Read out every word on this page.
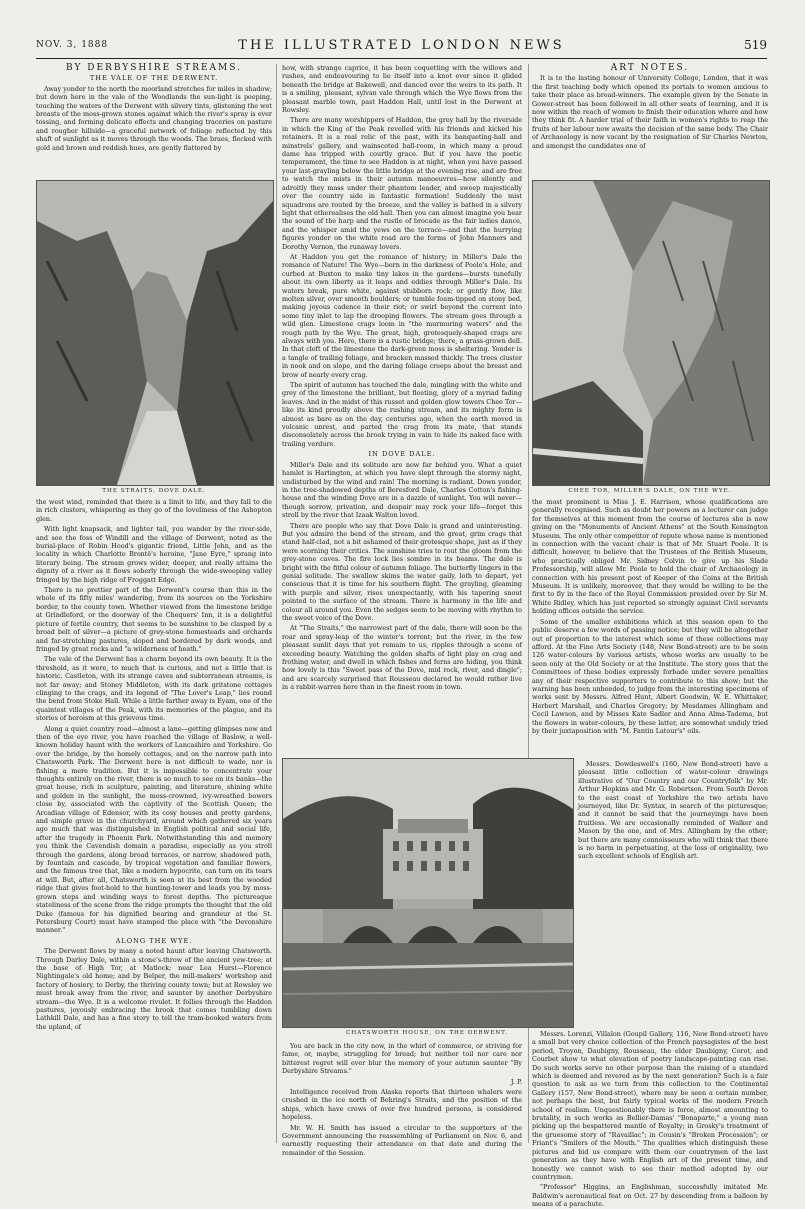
NOV. 3, 1888	THE ILLUSTRATED LONDON NEWS	519

BY DERBYSHIRE STREAMS.

THE VALE OF THE DERWENT.

Away yonder to the north the moorland stretches for miles in shadow; but down here in the vale of the Woodlands the sun-light is peeping, touching the waters of the Derwent with silvery tints, glistening the wet breasts of the moss-grown stones against which the river's spray is ever tossing, and forming delicate effects and changing traceries on pasture and rougher hillside—a graceful network of foliage reflected by this shaft of sunlight as it moves through the woods. The braes, flecked with gold and brown and reddish hues, are gently flattered by

THE STRAITS, DOVE DALE.

the west wind, reminded that there is a limit to life, and they fall to die in rich clusters, whispering as they go of the loveliness of the Ashopton glen.

With light knapsack, and lighter tail, you wander by the river-side, and see the foss of Windill and the village of Derwent, noted as the burial-place of Robin Hood's gigantic friend, Little John, and as the locality in which Charlotte Brontë's heroine, "Jane Eyre," sprang into literary being. The stream grows wider, deeper, and really attains the dignity of a river as it flows soberly through the wide-sweeping valley fringed by the high ridge of Froggatt Edge.

There is no prettier part of the Derwent's course than this in the whole of its fifty miles' wandering, from its sources on the Yorkshire border, to the county town. Whether viewed from the limestone bridge at Grindleford, or the doorway of the Chequers' Inn, it is a delightful picture of fertile country, that seems to be sunshine to be clasped by a broad belt of silver—a picture of grey-stone homesteads and orchards and far-stretching pastures, sloped and bordered by dark woods, and fringed by great rocks and "a wilderness of heath."

The vale of the Derwent has a charm beyond its own beauty. It is the threshold, as it were, to much that is curious, and not a little that is historic. Castleton, with its strange caves and subterranean streams, is not far away; and Stoney Middleton, with its dark gritstone cottages clinging to the crags, and its legend of "The Lover's Leap," lies round the bend from Stoke Hall. While a little farther away is Eyam, one of the quaintest villages of the Peak, with its memories of the plague, and its stories of heroism at this grievous time.

Along a quiet country road—almost a lane—getting glimpses now and then of the eye river, you have reached the village of Baslow, a well-known holiday haunt with the workers of Lancashire and Yorkshire. Go over the bridge, by the homely cottages, and on the narrow path into Chatsworth Park. The Derwent here is not difficult to wade, nor is fishing a mere tradition. But it is impossible to concentrate your thoughts entirely on the river, there is so much to see on its banks—the great house, rich in sculpture, painting, and literature, shining white and golden in the sunlight, the moss-crowned, ivy-wreathed bowers close by, associated with the captivity of the Scottish Queen; the Arcadian village of Edensor, with its cosy houses and pretty gardens, and simple grave in the churchyard, around which gathered six years ago much that was distinguished in English political and social life, after the tragedy in Phoenix Park. Notwithstanding this and memory you think the Cavendish domain a paradise, especially as you stroll through the gardens, along broad terraces, or narrow, shadowed path, by fountain and cascade, by tropical vegetation and familiar flowers, and the famous tree that, like a modern hypocrite, can turn on its tears at will. But, after all, Chatsworth is seen at its best from the wooded ridge that gives foot-hold to the hunting-tower and leads you by moss-grown steps and winding ways to forest depths. The picturesque stateliness of the scene from the ridge prompts the thought that the old Duke (famous for his dignified bearing and grandeur at the St. Petersburg Court) must have stamped the place with "the Devonshire manner."

ALONG THE WYE.

The Derwent flows by many a noted haunt after leaving Chatsworth. Through Darley Dale, within a stone's-throw of the ancient yew-tree; at the base of High Tor, at Matlock; near Lea Hurst—Florence Nightingale's old home; and by Belper, the mill-makers' workshop and factory of hosiery, to Derby, the thriving county town; but at Rowsley we must break away from the river, and saunter by another Derbyshire stream—the Wye. It is a welcome rivulet. It follies through the Haddon pastures, joyously embracing the brook that comes tumbling down Lathkill Dale, and has a fine story to tell the tram-booked waters from the upland, of

how, with strange caprice, it has been coquetting with the willows and rushes, and endeavouring to lie itself into a knot ever since it glided beneath the bridge at Bakewell, and danced over the weirs to its path. It is a smiling, pleasant, sylvan vale through which the Wye flows from the pleasant marble town, past Haddon Hall, until lost in the Derwent at Rowsley.

There are many worshippers of Haddon, the grey hall by the riverside in which the King of the Peak revelled with his friends and kicked his retainers. It is a real relic of the past, with its banqueting-hall and minstrels' gallery, and wainscoted ball-room, in which many a proud dame has tripped with courtly grace. But if you have the poetic temperament, the time to see Haddon is at night, when you have passed your last-grayling below the little bridge at the evening rise, and are free to watch the mists in their autumn manoeuvres—how silently and adroitly they mass under their phantom leader, and sweep majestically over the country side in fantastic formation! Suddenly the mist squadrons are routed by the breeze, and the valley is bathed in a silvery light that etherealises the old hall. Then you can almost imagine you hear the sound of the harp and the rustle of brocade as the fair ladies dance, and the whisper amid the yews on the terrace—and that the hurrying figures yonder on the white road are the forms of John Manners and Dorothy Vernon, the runaway lovers.

At Haddon you get the romance of history; in Miller's Dale the romance of Nature! The Wye—born in the darkness of Poole's Hole, and curbed at Buxton to make tiny lakes in the gardens—bursts tunefully about its own liberty as it leaps and eddies through Miller's Dale. Its waters break, pure white, against stubborn rock; or gently flow, like molten silver, over smooth boulders; or tumble foam-tipped on stony bed, making joyous cadence in their riot; or swirl beyond the current into some tiny inlet to lap the drooping flowers. The stream goes through a wild glen. Limestone crags loom in "the murmuring waters" and the rough path by the Wye. The great, high, grotesquely-shaped crags are always with you. Here, there is a rustic bridge; there, a grass-grown dell. In that cleft of the limestone the dark-green moss is sheltering. Yonder is a tangle of trailing foliage, and bracken massed thickly. The trees cluster in nook and on slope, and the daring foliage creeps about the breast and brow of nearly every crag.

The spirit of autumn has touched the dale, mingling with the white and grey of the limestone the brilliant, but fleeting, glory of a myriad fading leaves. And in the midst of this russet and golden glow towers Chee Tor—like its kind proudly above the rushing stream, and its mighty form is almost as bare as on the day, centuries ago, when the earth moved in volcanic unrest, and parted the crag from its mate, that stands disconsolately across the brook trying in vain to hide its naked face with trailing verdure.

IN DOVE DALE.

Miller's Dale and its solitude are now far behind you. What a quiet hamlet is Hartington, at which you have slept through the stormy night, undisturbed by the wind and rain! The morning is radiant. Down yonder, in the tree-shadowed depths of Beresford Dale, Charles Cotton's fishing-house and the winding Dove are in a dazzle of sunlight. You will never—though sorrow, privation, and despair may rock your life—forget this stroll by the river that Izaak Walton loved.

There are people who say that Dove Dale is grand and uninteresting. But you admire the bend of the stream, and the great, grim crags that stand half-clad, not a bit ashamed of their grotesque shape, just as if they were scorning their critics. The sunshine tries to rout the gloom from the grey-stone caves. The fire lock lies sombre in its beams. The dale is bright with the fitful colour of autumn foliage. The butterfly lingers in the genial solitude. The swallow skims the water gaily, loth to depart, yet conscious that it is time for his southern flight. The grayling, gleaming with purple and silver, rises unexpectantly, with his tapering snout pointed to the surface of the stream. There is harmony in the life and colour all around you. Even the sedges seem to be moving with rhythm to the sweet voice of the Dove.

At "The Straits," the narrowest part of the dale, there will soon be the roar and spray-leap of the winter's torrent; but the river, in the few pleasant sunlit days that yet remain to us, ripples through a scene of exceeding beauty. Watching the golden shafts of light play on crag and frothing water, and dwell in which fishes and ferns are hiding, you think how lovely is this "Sweet pass of the Dove, mid rock, river, and dingle"; and are scarcely surprised that Rousseau declared he would rather live in a rabbit-warren here than in the finest room in town.

CHEE TOR, MILLER'S DALE, ON THE WYE.

ART NOTES.

It is to the lasting honour of University College, London, that it was the first teaching body which opened its portals to women anxious to take their place as bread-winners. The example given by the Senate in Gower-street has been followed in all other seats of learning, and it is now within the reach of women to finish their education where and how they think fit. A harder trial of their faith in women's rights to reap the fruits of her labour now awaits the decision of the same body. The Chair of Archaeology is now vacant by the resignation of Sir Charles Newton, and amongst the candidates one of

the most prominent is Miss J. E. Harrison, whose qualifications are generally recognised. Such as doubt her powers as a lecturer can judge for themselves at this moment from the course of lectures she is now giving on the "Monuments of Ancient Athens" at the South Kensington Museum. The only other competitor of repute whose name is mentioned in connection with the vacant chair is that of Mr. Stuart Poole. It is difficult, however, to believe that the Trustees of the British Museum, who practically obliged Mr. Sidney Colvin to give up his Slade Professorship, will allow Mr. Poole to hold the chair of Archaeology in connection with his present post of Keeper of the Coins at the British Museum. It is unlikely, moreover, that they would be willing to be the first to fly in the face of the Royal Commission presided over by Sir M. White Ridley, which has just reported so strongly against Civil servants holding offices outside the service.

Some of the smaller exhibitions which at this season open to the public deserve a few words of passing notice; but they will be altogether out of proportion to the interest which some of these collections may afford. At the Fine Arts Society (148, New Bond-street) are to be seen 126 water-colours by various artists, whose works are usually to be seen only at the Old Society or at the Institute. The story goes that the Committees of these bodies expressly forbade under severe penalties any of their respective supporters to contribute to this show; but the warning has been unheeded, to judge from the interesting specimens of works sent by Messrs. Alfred Hunt, Albert Goodwin, W. E. Whittaker, Herbert Marshall, and Charles Gregory; by Mesdames Allingham and Cecil Lawson, and by Misses Kate Sadler and Anna Alma-Tadema, but the flowers in water-colours, by these latter, are somewhat unduly tried by their juxtaposition with "M. Fantin Latour's" oils.

CHATSWORTH HOUSE, ON THE DERWENT.

You are back in the city now, in the whirl of commerce, or striving for fame, or, maybe, struggling for bread; but neither toil nor care nor bitterest regret will ever blur the memory of your autumn saunter "By Derbyshire Streams."

J. P.

Intelligence received from Alaska reports that thirteen whalers were crushed in the ice north of Behring's Straits, and the position of the ships, which have crews of over five hundred persons, is considered hopeless.

Mr. W. H. Smith has issued a circular to the supporters of the Government announcing the reassembling of Parliament on Nov. 6, and earnestly requesting their attendance on that date and during the remainder of the Session.

Messrs. Dowdeswell's (160, New Bond-street) have a pleasant little collection of water-colour drawings illustrative of "Our Country and our Countryfolk" by Mr. Arthur Hopkins and Mr. G. Robertson. From South Devon to the east coast of Yorkshire the two artists have journeyed, like Dr. Syntax, in search of the picturesque; and it cannot be said that the journeyings have been fruitless. We are occasionally reminded of Walker and Mason by the one, and of Mrs. Allingham by the other; but there are many connoisseurs who will think that there is no harm in perpetuating, at the loss of originality, two such excellent schools of English art.

Messrs. Lorenzi, Villalon (Goupil Gallery, 116, New Bond-street) have a small but very choice collection of the French paysagistes of the best period, Troyon, Daubigny, Rousseau, the elder Daubigny, Corot, and Courbet show to what elevation of poetry landscape-painting can rise. Do such works serve no other purpose than the raising of a standard which is deemed and revered as by the next generation? Such is a fair question to ask as we turn from this collection to the Continental Gallery (157, New Bond-street), where may be seen a certain number, not perhaps the best, but fairly typical works of the modern French school of realism. Unquestionably there is force, almost amounting to brutality, in such works as Bellier-Damas' "Bonaparte," a young man picking up the bespattered mantle of Royalty; in Grosky's treatment of the gruesome story of "Ravaillac"; in Cousin's "Broken Procession"; or Friant's "Smilers of the Mouth." The qualities which distinguish these pictures and bid us compare with them our countrymen of the last generation as they have with English art of the present time, and honestly we cannot wish to see their method adopted by our countrymen.

"Professor" Higgins, an Englishman, successfully imitated Mr. Baldwin's aeronautical feat on Oct. 27 by descending from a balloon by means of a parachute.
